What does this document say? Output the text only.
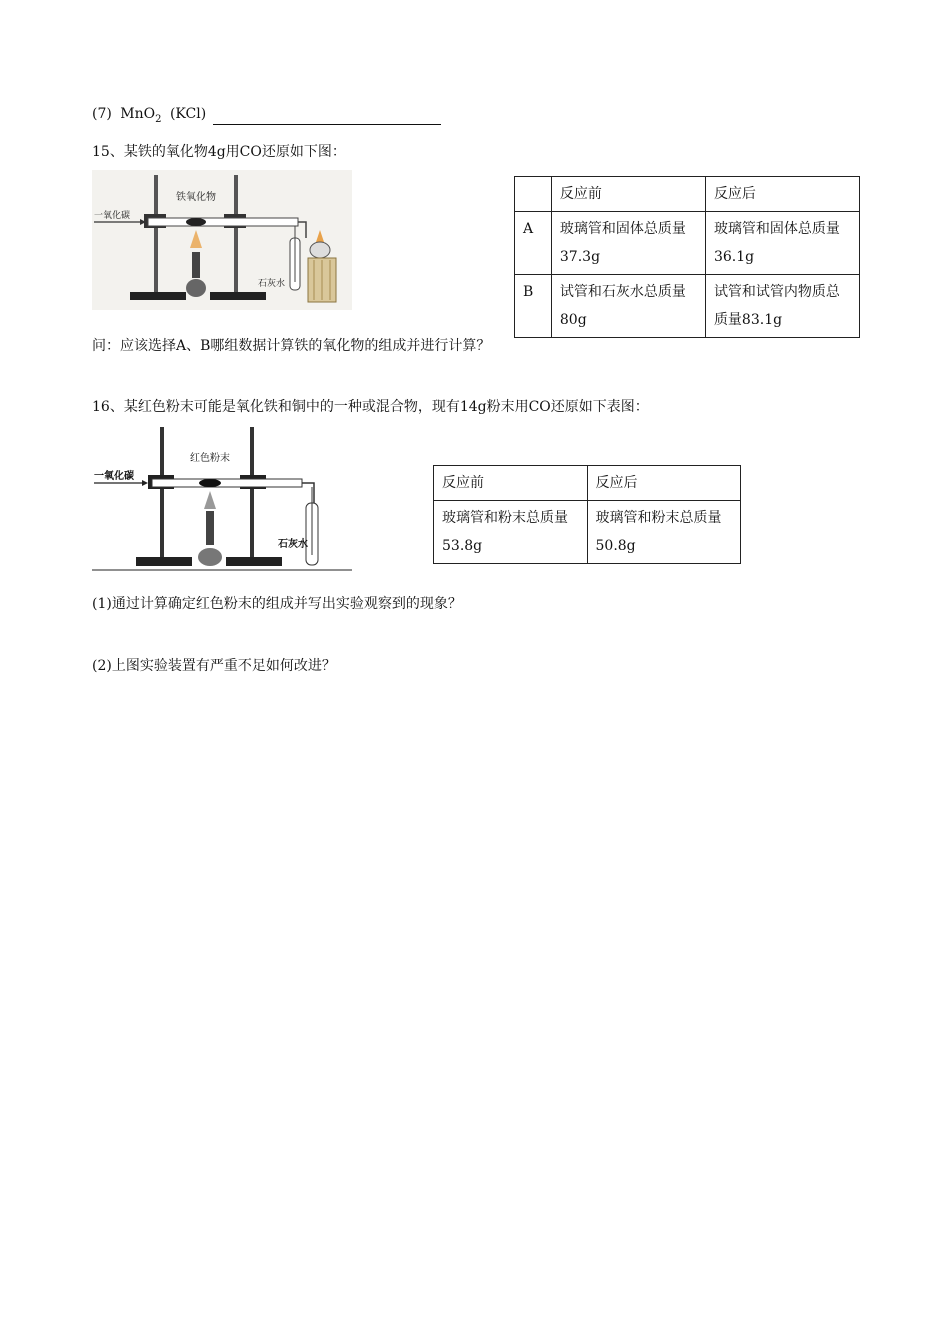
(7) MnO$_2$ (KCl)
15、某铁的氧化物4g用CO还原如下图：
一氧化碳
铁氧化物
石灰水
	反应前	反应后
A	玻璃管和固体总质量37.3g	玻璃管和固体总质量36.1g
B	试管和石灰水总质量80g	试管和试管内物质总质量83.1g
问：应该选择A、B哪组数据计算铁的氧化物的组成并进行计算？
16、某红色粉末可能是氧化铁和铜中的一种或混合物，现有14g粉末用CO还原如下表图：
一氧化碳
红色粉末
石灰水
反应前	反应后
玻璃管和粉末总质量53.8g	玻璃管和粉末总质量50.8g
(1)通过计算确定红色粉末的组成并写出实验观察到的现象？
(2)上图实验装置有严重不足如何改进？
